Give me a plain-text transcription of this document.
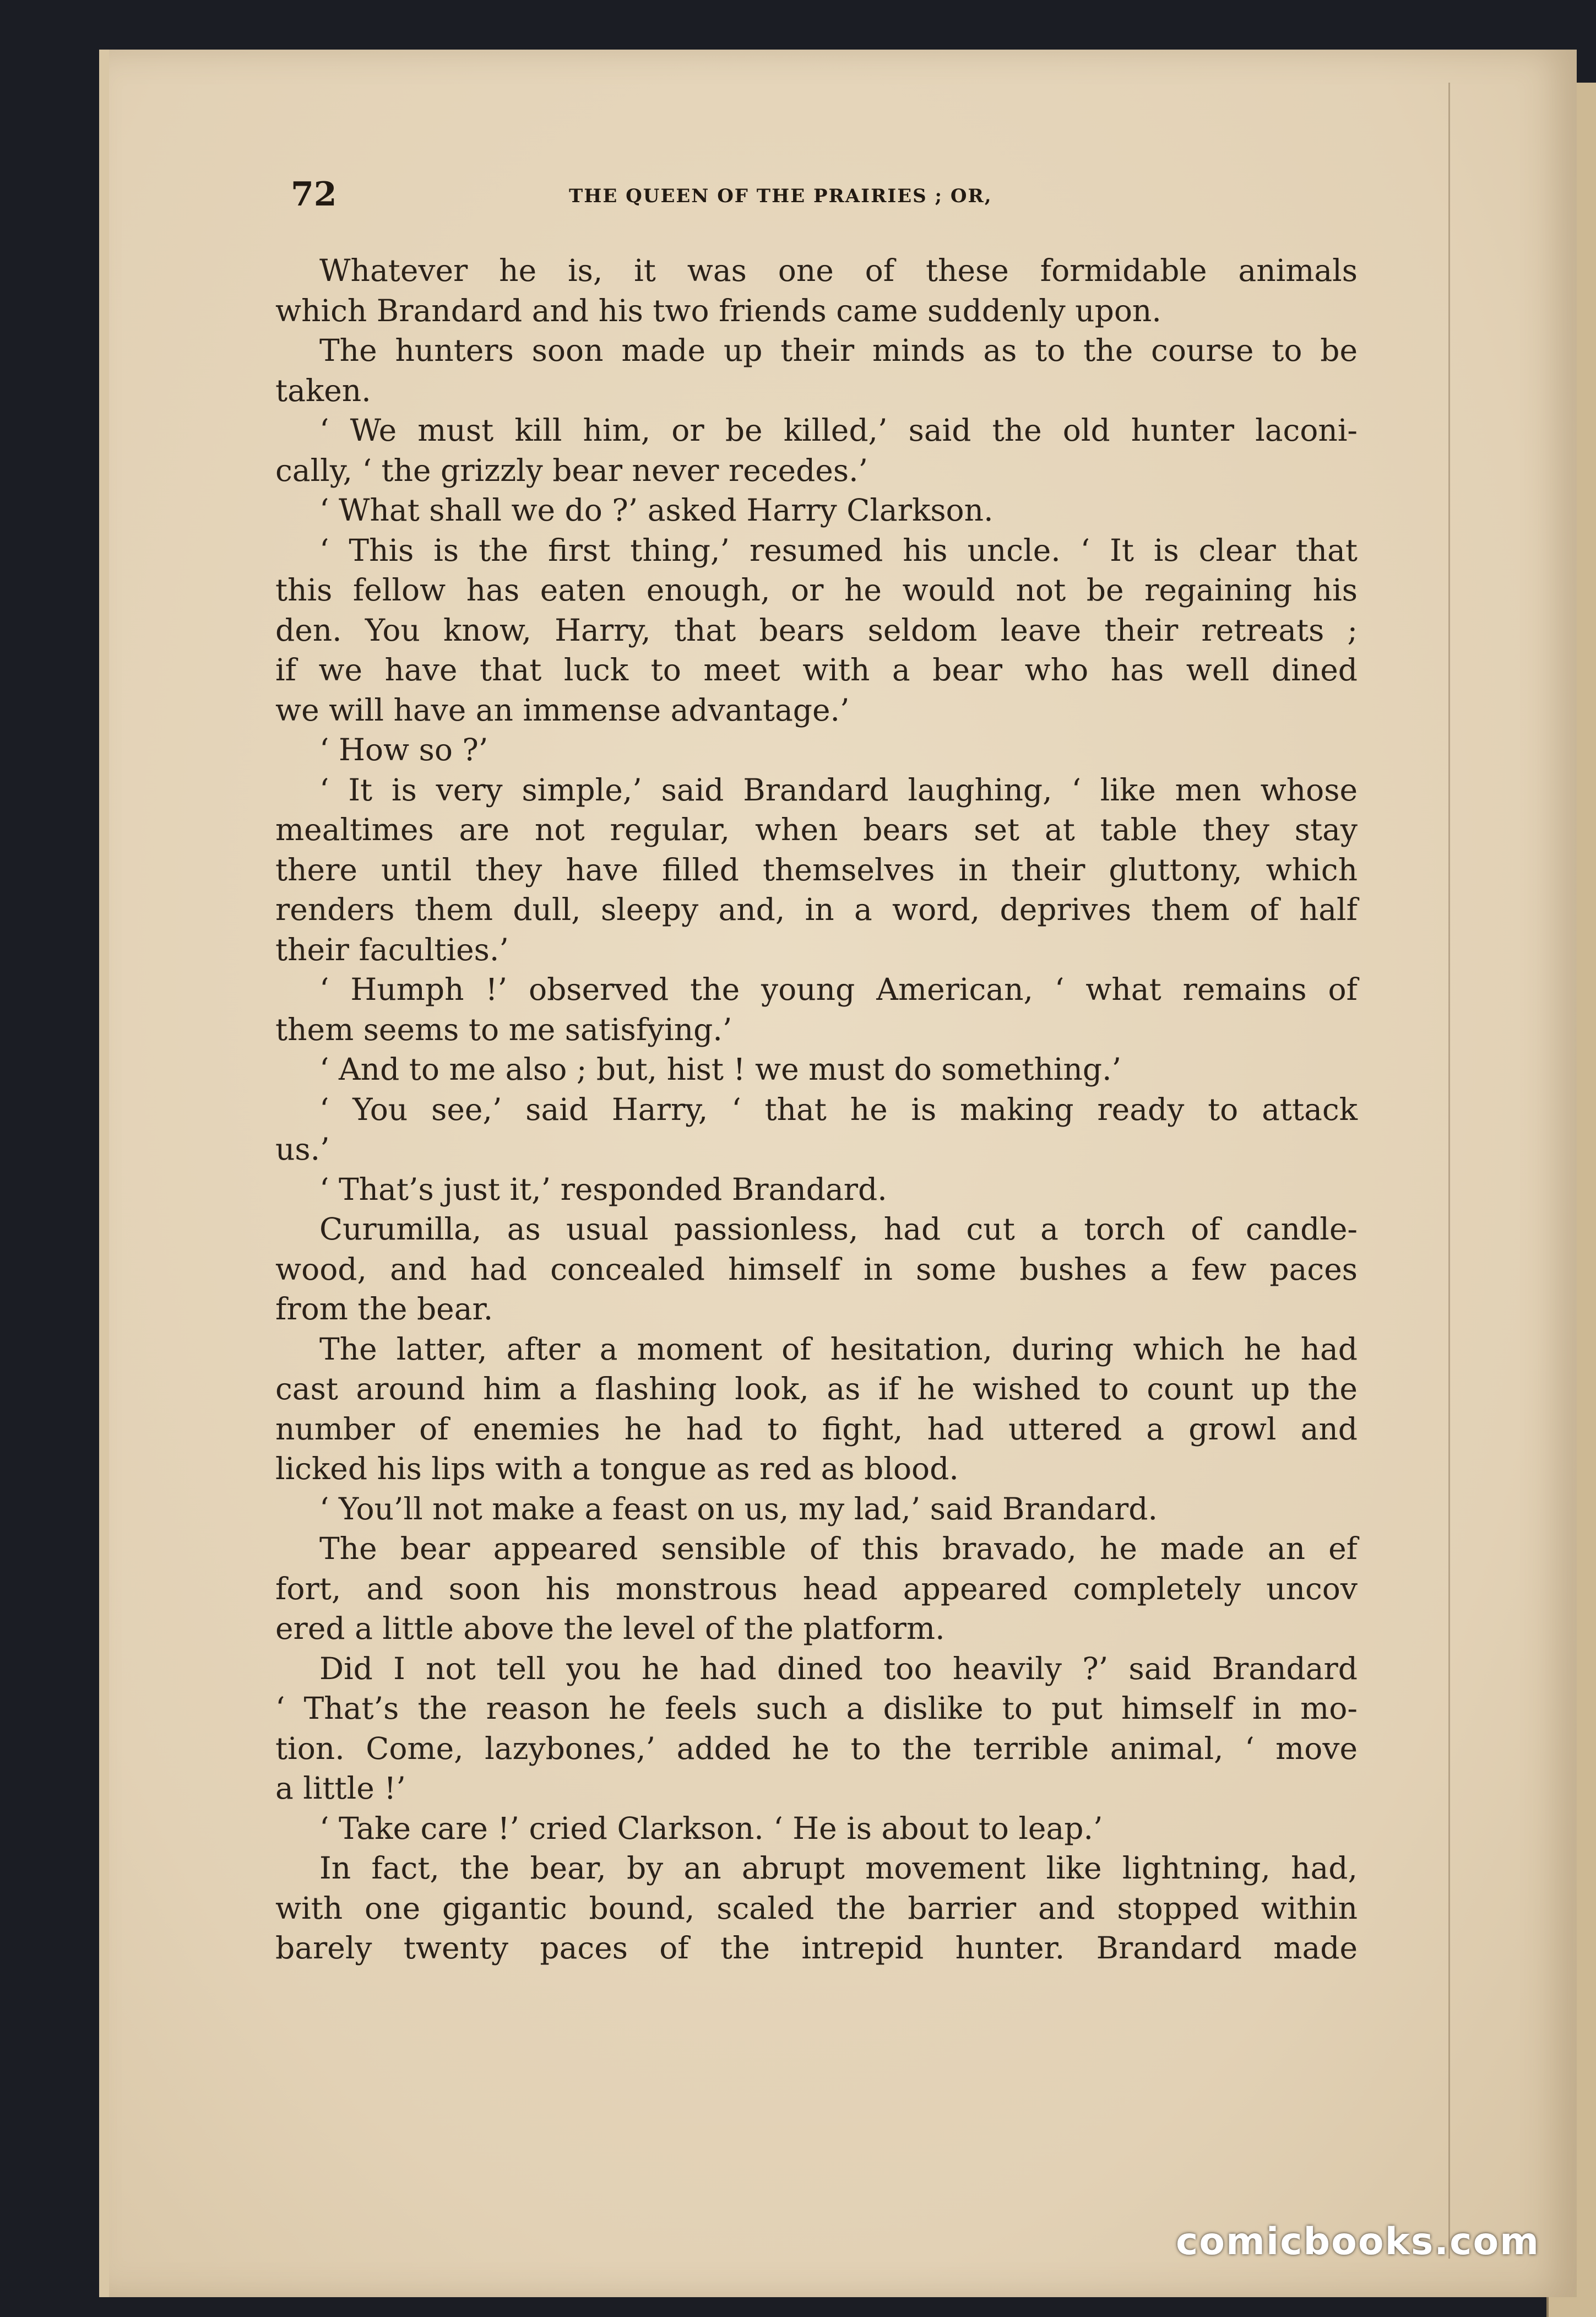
72	THE QUEEN OF THE PRAIRIES ; OR,
Whatever he is, it was one of these formidable animals
which Brandard and his two friends came suddenly upon.
The hunters soon made up their minds as to the course to be
taken.
‘ We must kill him, or be killed,’ said the old hunter laconi-
cally, ‘ the grizzly bear never recedes.’
‘ What shall we do ?’ asked Harry Clarkson.
‘ This is the first thing,’ resumed his uncle. ‘ It is clear that
this fellow has eaten enough, or he would not be regaining his
den. You know, Harry, that bears seldom leave their retreats ;
if we have that luck to meet with a bear who has well dined
we will have an immense advantage.’
‘ How so ?’
‘ It is very simple,’ said Brandard laughing, ‘ like men whose
mealtimes are not regular, when bears set at table they stay
there until they have filled themselves in their gluttony, which
renders them dull, sleepy and, in a word, deprives them of half
their faculties.’
‘ Humph !’ observed the young American, ‘ what remains of
them seems to me satisfying.’
‘ And to me also ; but, hist ! we must do something.’
‘ You see,’ said Harry, ‘ that he is making ready to attack
us.’
‘ That’s just it,’ responded Brandard.
Curumilla, as usual passionless, had cut a torch of candle-
wood, and had concealed himself in some bushes a few paces
from the bear.
The latter, after a moment of hesitation, during which he had
cast around him a flashing look, as if he wished to count up the
number of enemies he had to fight, had uttered a growl and
licked his lips with a tongue as red as blood.
‘ You’ll not make a feast on us, my lad,’ said Brandard.
The bear appeared sensible of this bravado, he made an ef
fort, and soon his monstrous head appeared completely uncov
ered a little above the level of the platform.
Did I not tell you he had dined too heavily ?’ said Brandard
‘ That’s the reason he feels such a dislike to put himself in mo-
tion. Come, lazybones,’ added he to the terrible animal, ‘ move
a little !’
‘ Take care !’ cried Clarkson. ‘ He is about to leap.’
In fact, the bear, by an abrupt movement like lightning, had,
with one gigantic bound, scaled the barrier and stopped within
barely twenty paces of the intrepid hunter. Brandard made
comicbooks.com
